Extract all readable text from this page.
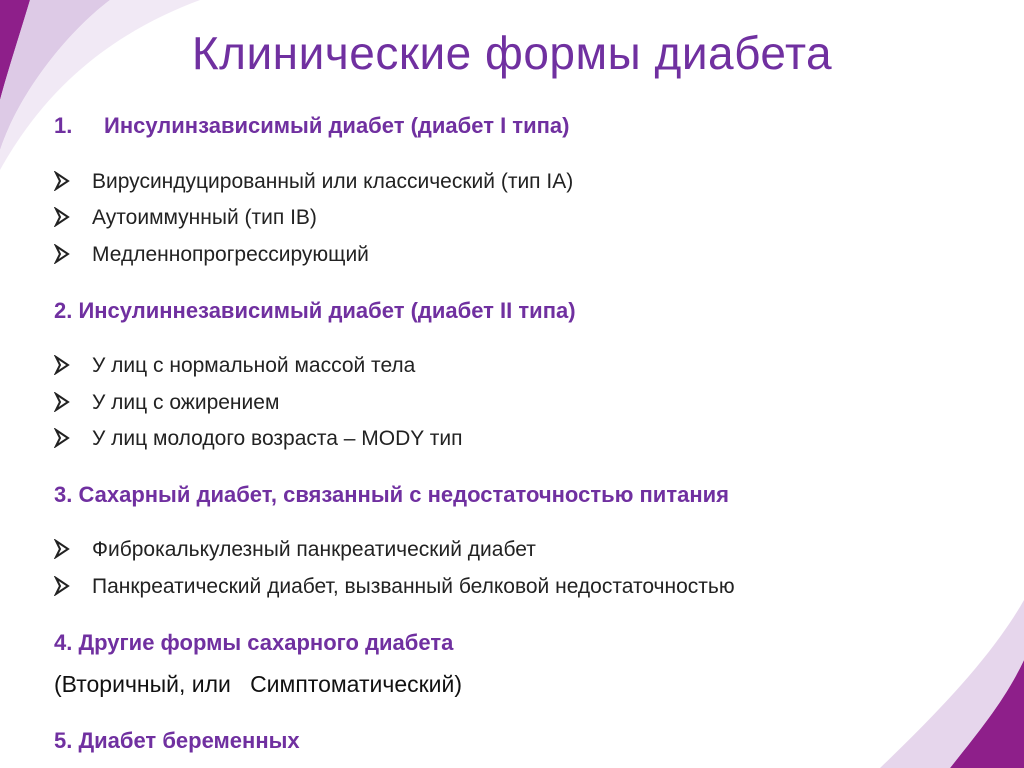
Клинические формы диабета
1. Инсулинзависимый диабет (диабет I типа)
Вирусиндуцированный или классический (тип IA)
Аутоиммунный (тип IB)
Медленнопрогрессирующий
2. Инсулиннезависимый диабет (диабет II типа)
У лиц с нормальной массой тела
У лиц с ожирением
У лиц молодого возраста – MODY тип
3. Сахарный диабет, связанный с недостаточностью питания
Фиброкалькулезный панкреатический диабет
Панкреатический диабет, вызванный белковой недостаточностью
4. Другие формы сахарного диабета
(Вторичный, или   Симптоматический)
5. Диабет беременных
